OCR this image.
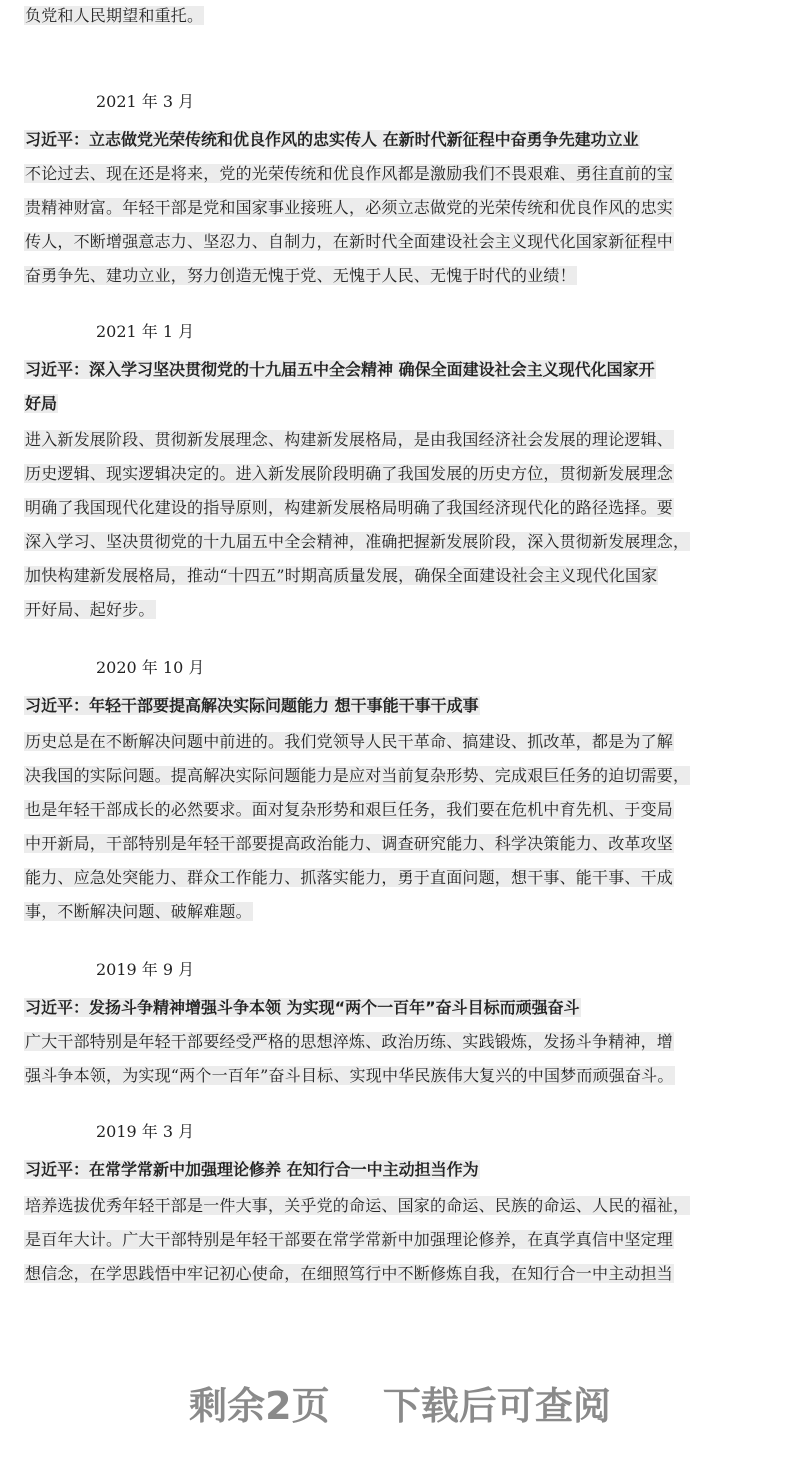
负党和人民期望和重托。
2021 年 3 月
习近平：立志做党光荣传统和优良作风的忠实传人 在新时代新征程中奋勇争先建功立业
不论过去、现在还是将来，党的光荣传统和优良作风都是激励我们不畏艰难、勇往直前的宝
贵精神财富。年轻干部是党和国家事业接班人，必须立志做党的光荣传统和优良作风的忠实
传人，不断增强意志力、坚忍力、自制力，在新时代全面建设社会主义现代化国家新征程中
奋勇争先、建功立业，努力创造无愧于党、无愧于人民、无愧于时代的业绩！
2021 年 1 月
习近平：深入学习坚决贯彻党的十九届五中全会精神 确保全面建设社会主义现代化国家开
好局
进入新发展阶段、贯彻新发展理念、构建新发展格局，是由我国经济社会发展的理论逻辑、
历史逻辑、现实逻辑决定的。进入新发展阶段明确了我国发展的历史方位，贯彻新发展理念
明确了我国现代化建设的指导原则，构建新发展格局明确了我国经济现代化的路径选择。要
深入学习、坚决贯彻党的十九届五中全会精神，准确把握新发展阶段，深入贯彻新发展理念，
加快构建新发展格局，推动“十四五”时期高质量发展，确保全面建设社会主义现代化国家
开好局、起好步。
2020 年 10 月
习近平：年轻干部要提高解决实际问题能力 想干事能干事干成事
历史总是在不断解决问题中前进的。我们党领导人民干革命、搞建设、抓改革，都是为了解
决我国的实际问题。提高解决实际问题能力是应对当前复杂形势、完成艰巨任务的迫切需要，
也是年轻干部成长的必然要求。面对复杂形势和艰巨任务，我们要在危机中育先机、于变局
中开新局，干部特别是年轻干部要提高政治能力、调查研究能力、科学决策能力、改革攻坚
能力、应急处突能力、群众工作能力、抓落实能力，勇于直面问题，想干事、能干事、干成
事，不断解决问题、破解难题。
2019 年 9 月
习近平：发扬斗争精神增强斗争本领 为实现“两个一百年”奋斗目标而顽强奋斗
广大干部特别是年轻干部要经受严格的思想淬炼、政治历练、实践锻炼，发扬斗争精神，增
强斗争本领，为实现“两个一百年”奋斗目标、实现中华民族伟大复兴的中国梦而顽强奋斗。
2019 年 3 月
习近平：在常学常新中加强理论修养 在知行合一中主动担当作为
培养选拔优秀年轻干部是一件大事，关乎党的命运、国家的命运、民族的命运、人民的福祉，
是百年大计。广大干部特别是年轻干部要在常学常新中加强理论修养，在真学真信中坚定理
想信念，在学思践悟中牢记初心使命，在细照笃行中不断修炼自我，在知行合一中主动担当
剩余2页 下载后可查阅
